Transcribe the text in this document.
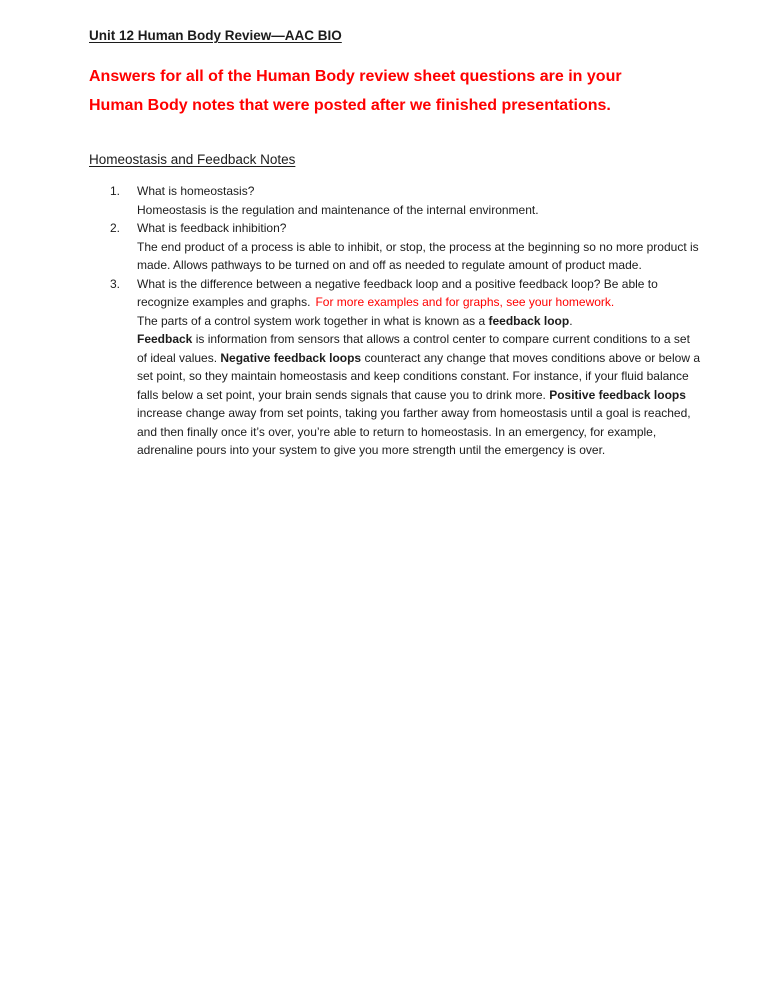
Unit 12 Human Body Review—AAC BIO
Answers for all of the Human Body review sheet questions are in your
Human Body notes that were posted after we finished presentations.
Homeostasis and Feedback Notes
1.	What is homeostasis?
Homeostasis is the regulation and maintenance of the internal environment.
2.	What is feedback inhibition?
The end product of a process is able to inhibit, or stop, the process at the beginning so no more product is made. Allows pathways to be turned on and off as needed to regulate amount of product made.
3.	What is the difference between a negative feedback loop and a positive feedback loop? Be able to recognize examples and graphs. For more examples and for graphs, see your homework.
The parts of a control system work together in what is known as a feedback loop.
Feedback is information from sensors that allows a control center to compare current conditions to a set of ideal values. Negative feedback loops counteract any change that moves conditions above or below a set point, so they maintain homeostasis and keep conditions constant. For instance, if your fluid balance falls below a set point, your brain sends signals that cause you to drink more. Positive feedback loops increase change away from set points, taking you farther away from homeostasis until a goal is reached, and then finally once it’s over, you’re able to return to homeostasis. In an emergency, for example, adrenaline pours into your system to give you more strength until the emergency is over.
